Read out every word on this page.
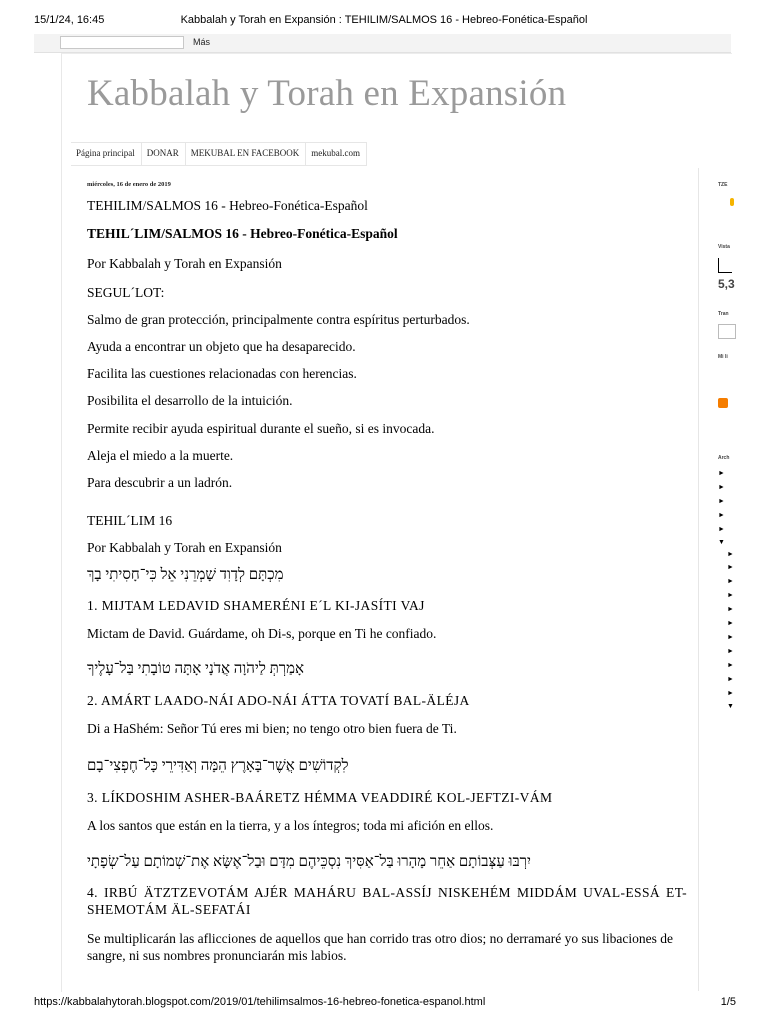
15/1/24, 16:45	Kabbalah y Torah en Expansión : TEHILIM/SALMOS 16 - Hebreo-Fonética-Español
Más
Kabbalah y Torah en Expansión
Página principal	DONAR	MEKUBAL EN FACEBOOK	mekubal.com
miércoles, 16 de enero de 2019

TEHILIM/SALMOS 16 - Hebreo-Fonética-Español

TEHIL´LIM/SALMOS 16 - Hebreo-Fonética-Español

Por Kabbalah y Torah en Expansión

SEGUL´LOT:

Salmo de gran protección, principalmente contra espíritus perturbados.

Ayuda a encontrar un objeto que ha desaparecido.

Facilita las cuestiones relacionadas con herencias.

Posibilita el desarrollo de la intuición.

Permite recibir ayuda espiritual durante el sueño, si es invocada.

Aleja el miedo a la muerte.

Para descubrir a un ladrón.

TEHIL´LIM 16

Por Kabbalah y Torah en Expansión

מִכְתָּם לְדָוִד שָׁמְרֵנִי אֵל כִּי־חָסִיתִי בָךְ

1. MIJTAM LEDAVID SHAMERÉNI E´L KI-JASÍTI VAJ

Mictam de David. Guárdame, oh Di-s, porque en Ti he confiado.

אָמַרְתְּ לַיהֹוָה אֲדֹנָי אָתָּה טוֹבָתִי בַּל־עָלֶיךָ

2. AMÁRT LAADO-NÁI ADO-NÁI ÁTTA TOVATÍ BAL-ÄLÉJA

Di a HaShém: Señor Tú eres mi bien; no tengo otro bien fuera de Ti.

לִקְדוֹשִׁים אֲשֶׁר־בָּאָרֶץ הֵמָּה וְאַדִּירֵי כָּל־חֶפְצִי־בָם

3. LÍKDOSHIM ASHER-BAÁRETZ HÉMMA VEADDIRÉ KOL-JEFTZI-VÁM

A los santos que están en la tierra, y a los íntegros; toda mi afición en ellos.

יִרְבּוּ עַצְּבוֹתָם אַחֵר מָהָרוּ בַּל־אַסִּיךְ נִסְכֵּיהֶם מִדָּם וּבַל־אֶשָּׂא אֶת־שְׁמוֹתָם עַל־שְׂפָתָי

4. IRBÚ ÄTZTZEVOTÁM AJÉR MAHÁRU BAL-ASSÍJ NISKEHÉM MIDDÁM UVAL-ESSÁ ET-SHEMOTÁM ÄL-SEFATÁI

Se multiplicarán las aflicciones de aquellos que han corrido tras otro dios; no derramaré yo sus libaciones de sangre, ni sus nombres pronunciarán mis labios.

TZE
Vista
5,3
Tran
Mi li
Arch
►
►
►
►
►
▼
►
►
►
►
►
►
►
►
►
►
►
▼
https://kabbalahytorah.blogspot.com/2019/01/tehilimsalmos-16-hebreo-fonetica-espanol.html	1/5
